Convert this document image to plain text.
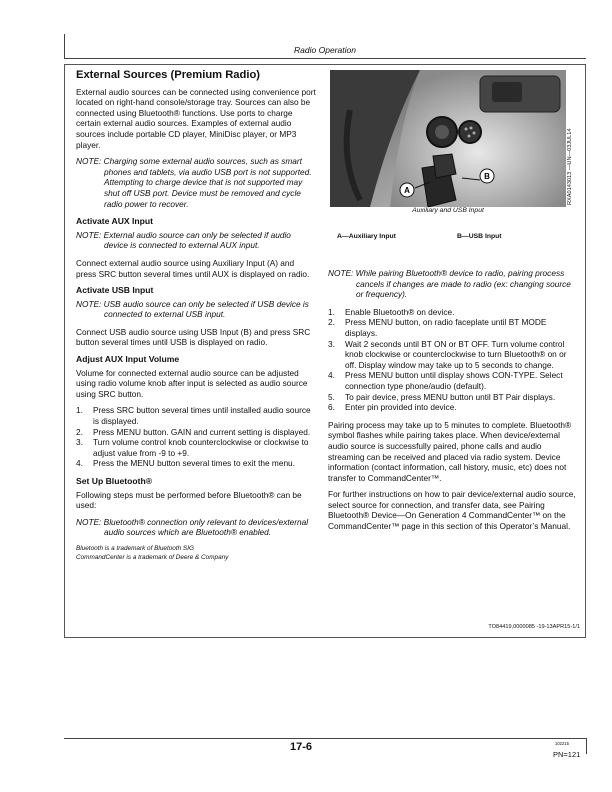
Radio Operation
External Sources (Premium Radio)

External audio sources can be connected using convenience port located on right-hand console/storage tray. Sources can also be connected using Bluetooth® functions. Use ports to charge certain external audio sources. Examples of external audio sources include portable CD player, MiniDisc player, or MP3 player.

NOTE: Charging some external audio sources, such as smart phones and tablets, via audio USB port is not supported. Attempting to charge device that is not supported may shut off USB port. Device must be removed and cycle radio power to recover.

Activate AUX Input

NOTE: External audio source can only be selected if audio device is connected to external AUX input.

Connect external audio source using Auxiliary Input (A) and press SRC button several times until AUX is displayed on radio.

Activate USB Input

NOTE: USB audio source can only be selected if USB device is connected to external USB input.

Connect USB audio source using USB Input (B) and press SRC button several times until USB is displayed on radio.

Adjust AUX Input Volume

Volume for connected external audio source can be adjusted using radio volume knob after input is selected as audio source using SRC button.

1. Press SRC button several times until installed audio source is displayed.
2. Press MENU button. GAIN and current setting is displayed.
3. Turn volume control knob counterclockwise or clockwise to adjust value from -9 to +9.
4. Press the MENU button several times to exit the menu.
Set Up Bluetooth®

Following steps must be performed before Bluetooth® can be used:

NOTE: Bluetooth® connection only relevant to devices/external audio sources which are Bluetooth® enabled.

Bluetooth is a trademark of Bluetooth SIG

CommandCenter is a trademark of Deere & Company

A
B	RXA0143013 —UN—03JUL14
Auxiliary and USB Input
A—Auxiliary Input	B—USB Input

NOTE: While pairing Bluetooth® device to radio, pairing process cancels if changes are made to radio (ex: changing source or frequency).

1. Enable Bluetooth® on device.
2. Press MENU button, on radio faceplate until BT MODE displays.
3. Wait 2 seconds until BT ON or BT OFF. Turn volume control knob clockwise or counterclockwise to turn Bluetooth® on or off. Display window may take up to 5 seconds to change.
4. Press MENU button until display shows CON-TYPE. Select connection type phone/audio (default).
5. To pair device, press MENU button until BT Pair displays.
6. Enter pin provided into device.

Pairing process may take up to 5 minutes to complete. Bluetooth® symbol flashes while pairing takes place. When device/external audio source is successfully paired, phone calls and audio streaming can be received and placed via radio system. Device information (contact information, call history, music, etc) does not transfer to CommandCenter™.

For further instructions on how to pair device/external audio source, select source for connection, and transfer data, see Pairing Bluetooth® Device—On Generation 4 CommandCenter™ on the CommandCenter™ page in this section of this Operator’s Manual.

TO84419,0000085 -19-13APR15-1/1
17-6	102215
PN=121
